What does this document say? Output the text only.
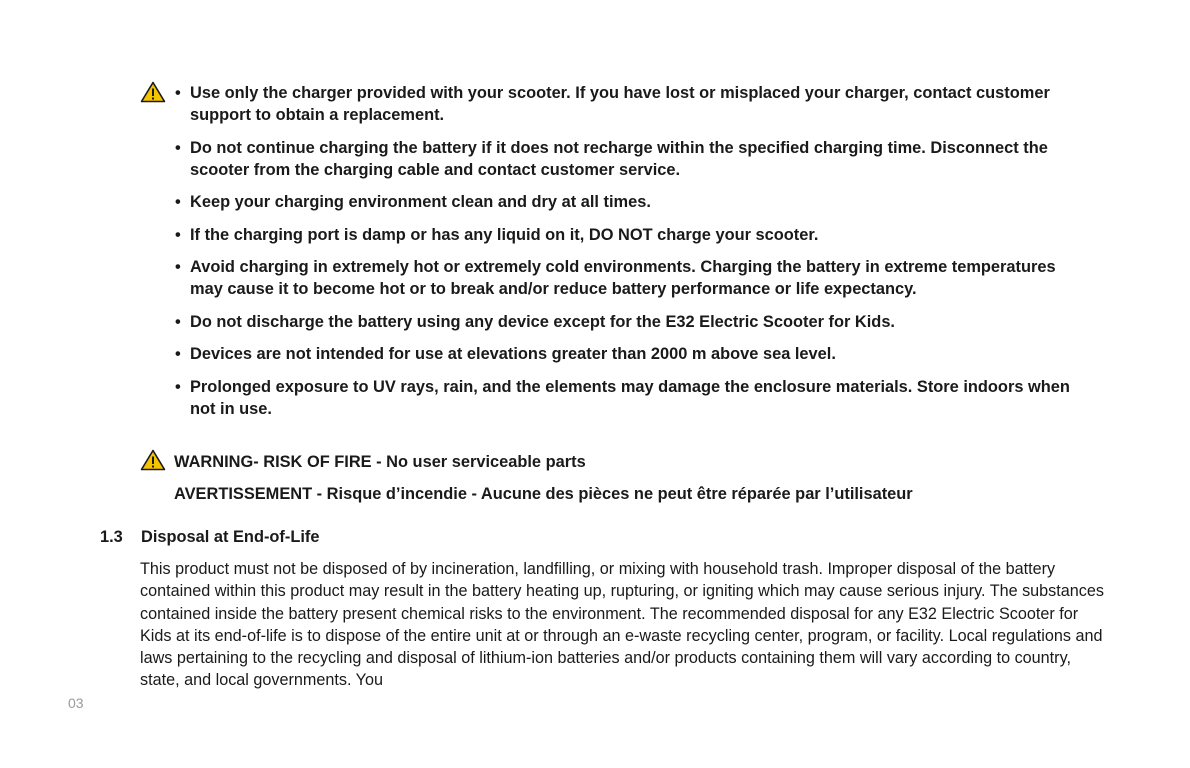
• Use only the charger provided with your scooter. If you have lost or misplaced your charger, contact customer support to obtain a replacement.
• Do not continue charging the battery if it does not recharge within the specified charging time. Disconnect the scooter from the charging cable and contact customer service.
• Keep your charging environment clean and dry at all times.
• If the charging port is damp or has any liquid on it, DO NOT charge your scooter.
• Avoid charging in extremely hot or extremely cold environments. Charging the battery in extreme temperatures may cause it to become hot or to break and/or reduce battery performance or life expectancy.
• Do not discharge the battery using any device except for the E32 Electric Scooter for Kids.
• Devices are not intended for use at elevations greater than 2000 m above sea level.
• Prolonged exposure to UV rays, rain, and the elements may damage the enclosure materials. Store indoors when not in use.
WARNING- RISK OF FIRE - No user serviceable parts
AVERTISSEMENT - Risque d’incendie - Aucune des pièces ne peut être réparée par l’utilisateur
1.3 Disposal at End-of-Life

This product must not be disposed of by incineration, landfilling, or mixing with household trash. Improper disposal of the battery contained within this product may result in the battery heating up, rupturing, or igniting which may cause serious injury. The substances contained inside the battery present chemical risks to the environment. The recommended disposal for any E32 Electric Scooter for Kids at its end-of-life is to dispose of the entire unit at or through an e-waste recycling center, program, or facility. Local regulations and laws pertaining to the recycling and disposal of lithium-ion batteries and/or products containing them will vary according to country, state, and local governments. You

03
